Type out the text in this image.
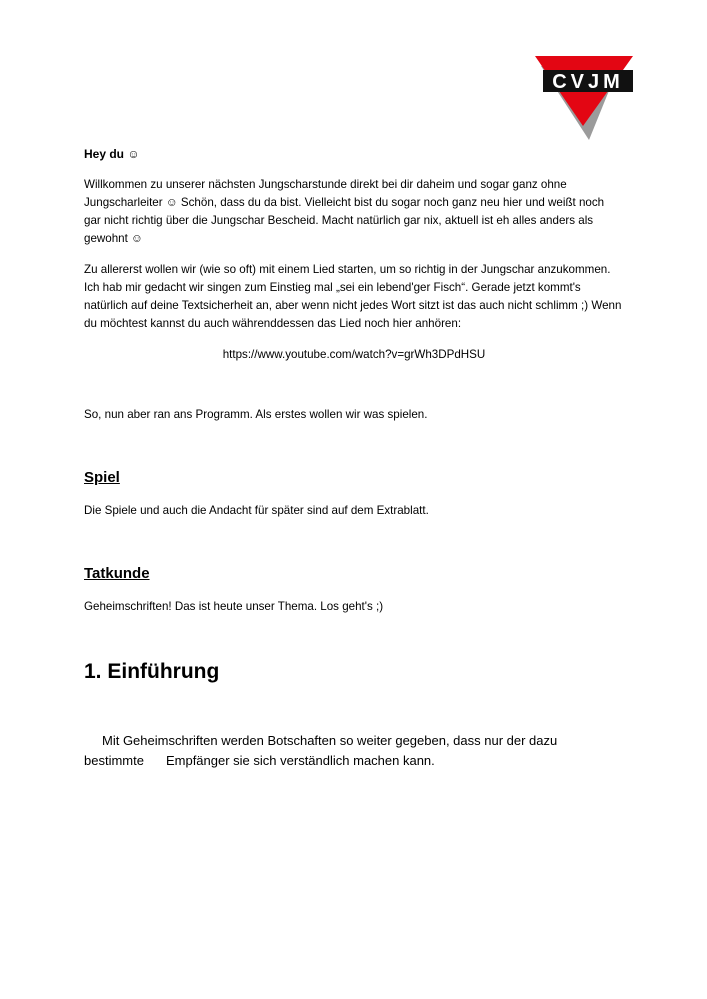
CVJM

Hey du ☺

Willkommen zu unserer nächsten Jungscharstunde direkt bei dir daheim und sogar ganz ohne Jungscharleiter ☺ Schön, dass du da bist. Vielleicht bist du sogar noch ganz neu hier und weißt noch gar nicht richtig über die Jungschar Bescheid. Macht natürlich gar nix, aktuell ist eh alles anders als gewohnt ☺

Zu allererst wollen wir (wie so oft) mit einem Lied starten, um so richtig in der Jungschar anzukommen. Ich hab mir gedacht wir singen zum Einstieg mal „sei ein lebend'ger Fisch“. Gerade jetzt kommt's natürlich auf deine Textsicherheit an, aber wenn nicht jedes Wort sitzt ist das auch nicht schlimm ;) Wenn du möchtest kannst du auch währenddessen das Lied noch hier anhören:

https://www.youtube.com/watch?v=grWh3DPdHSU

So, nun aber ran ans Programm. Als erstes wollen wir was spielen.

Spiel

Die Spiele und auch die Andacht für später sind auf dem Extrablatt.

Tatkunde

Geheimschriften! Das ist heute unser Thema. Los geht's ;)

1. Einführung

Mit Geheimschriften werden Botschaften so weiter gegeben, dass nur der dazu
bestimmte Empfänger sie sich verständlich machen kann.
